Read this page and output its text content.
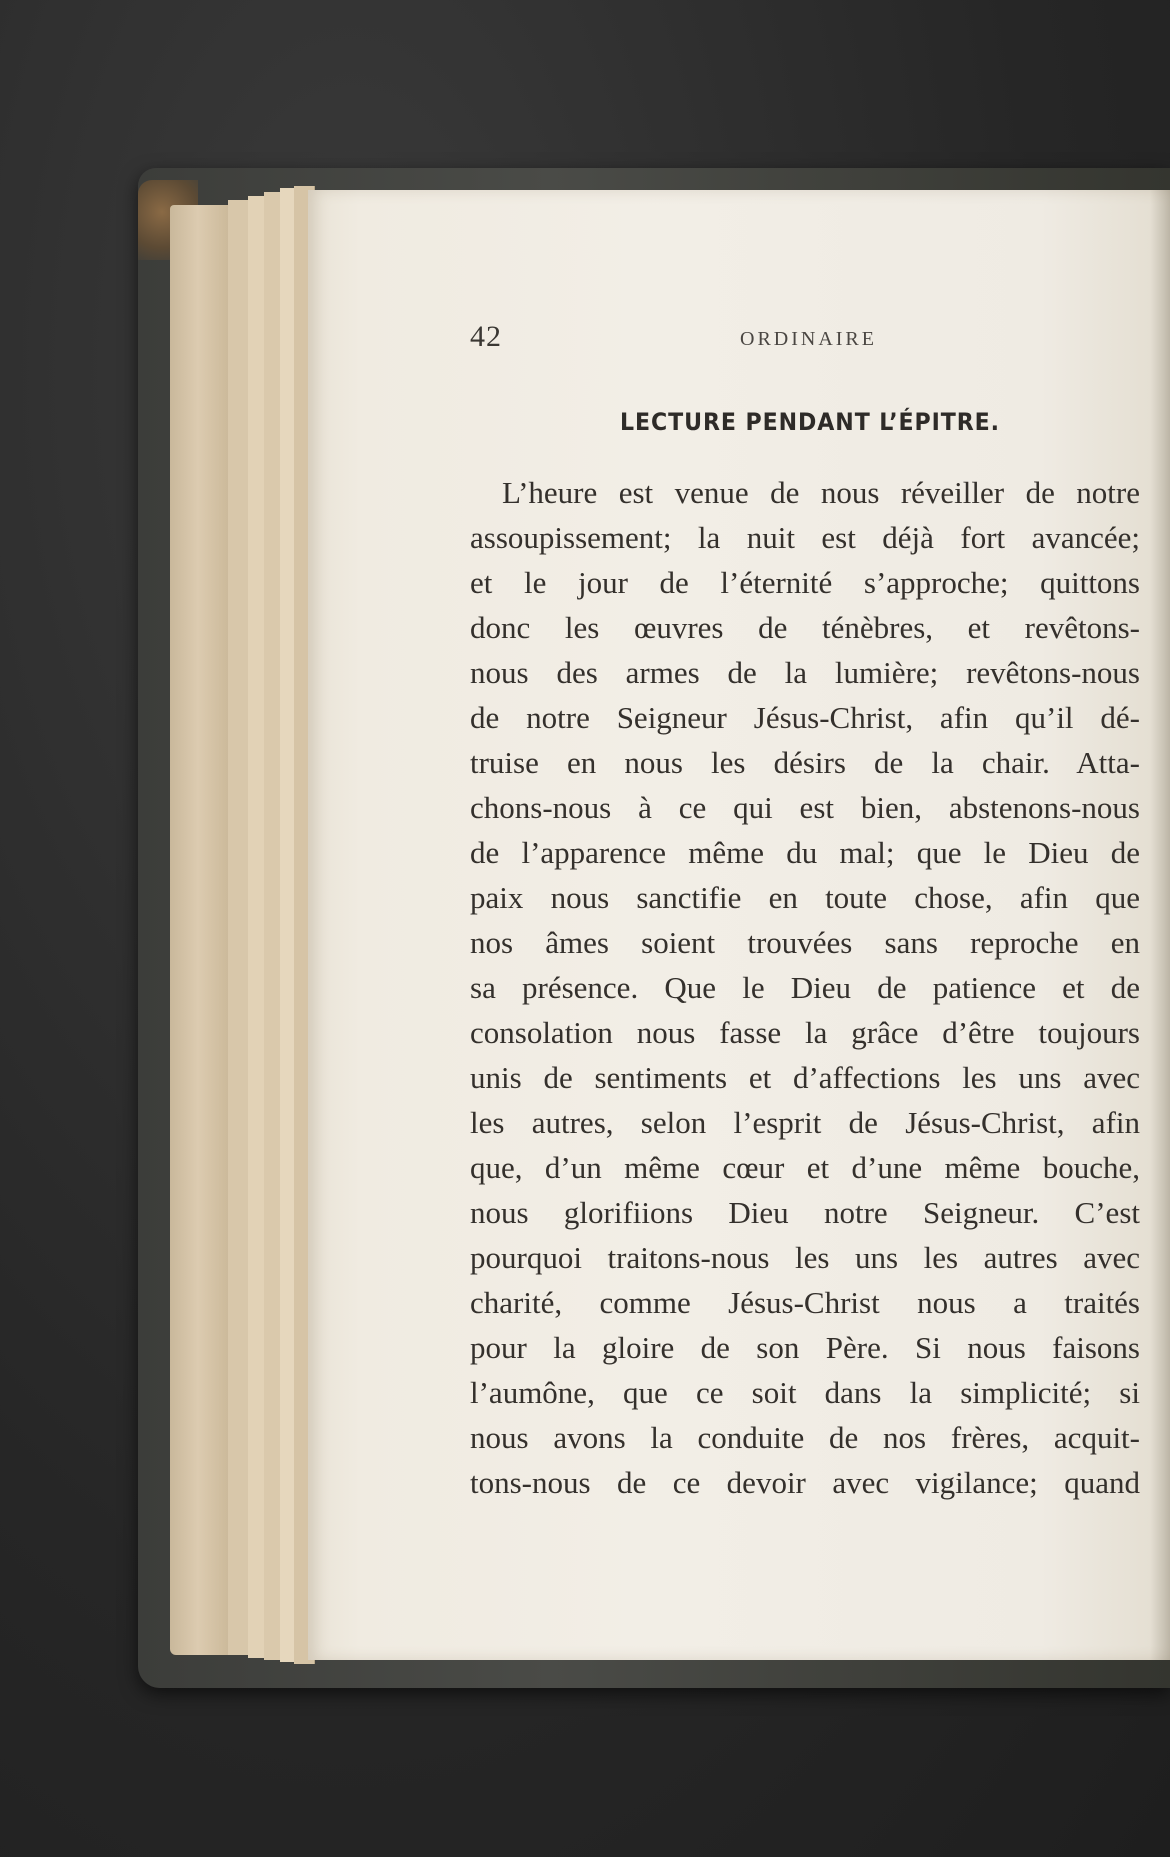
42	ORDINAIRE
LECTURE PENDANT L’ÉPITRE.
L’heure est venue de nous réveiller de notre
assoupissement; la nuit est déjà fort avancée;
et le jour de l’éternité s’approche; quittons
donc les œuvres de ténèbres, et revêtons-
nous des armes de la lumière; revêtons-nous
de notre Seigneur Jésus-Christ, afin qu’il dé-
truise en nous les désirs de la chair. Atta-
chons-nous à ce qui est bien, abstenons-nous
de l’apparence même du mal; que le Dieu de
paix nous sanctifie en toute chose, afin que
nos âmes soient trouvées sans reproche en
sa présence. Que le Dieu de patience et de
consolation nous fasse la grâce d’être toujours
unis de sentiments et d’affections les uns avec
les autres, selon l’esprit de Jésus-Christ, afin
que, d’un même cœur et d’une même bouche,
nous glorifiions Dieu notre Seigneur. C’est
pourquoi traitons-nous les uns les autres avec
charité, comme Jésus-Christ nous a traités
pour la gloire de son Père. Si nous faisons
l’aumône, que ce soit dans la simplicité; si
nous avons la conduite de nos frères, acquit-
tons-nous de ce devoir avec vigilance; quand
